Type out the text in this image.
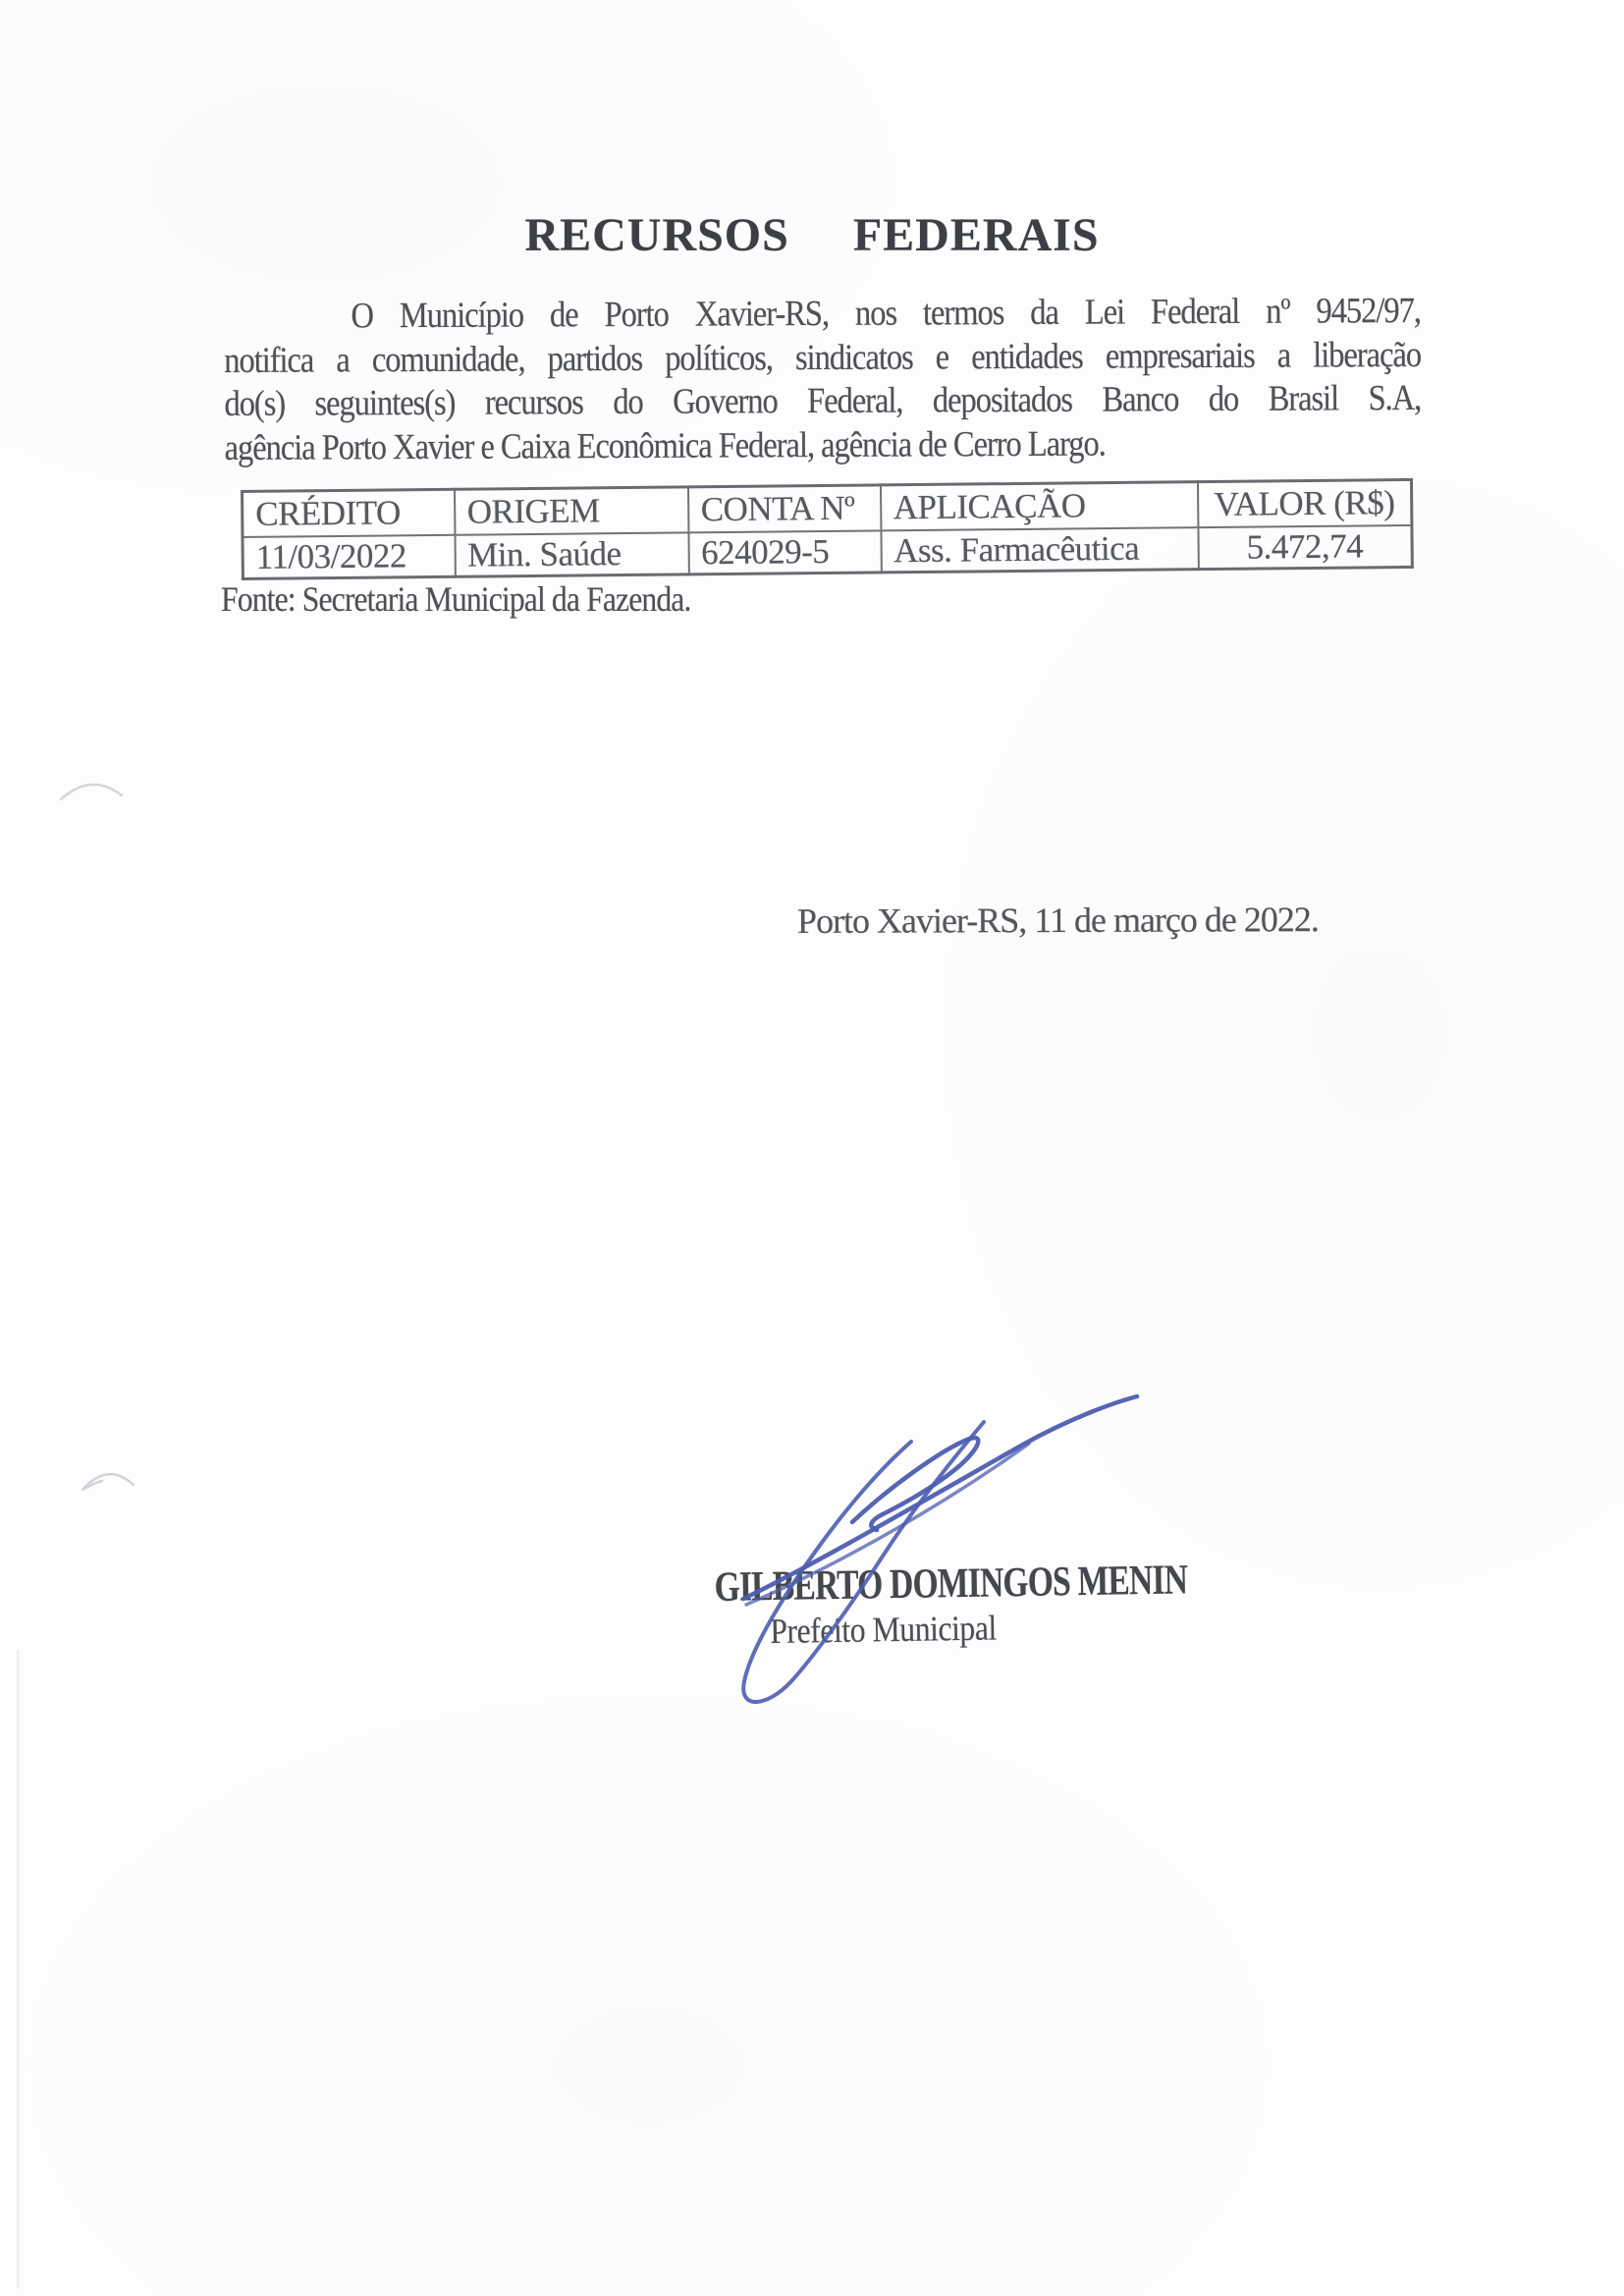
RECURSOS FEDERAIS
O Município de Porto Xavier-RS, nos termos da Lei Federal nº 9452/97,
notifica a comunidade, partidos políticos, sindicatos e entidades empresariais a liberação
do(s) seguintes(s) recursos do Governo Federal, depositados Banco do Brasil S.A,
agência Porto Xavier e Caixa Econômica Federal, agência de Cerro Largo.
CRÉDITO	ORIGEM	CONTA Nº	APLICAÇÃO	VALOR (R$)
11/03/2022	Min. Saúde	624029-5	Ass. Farmacêutica	5.472,74
Fonte: Secretaria Municipal da Fazenda.
Porto Xavier-RS, 11 de março de 2022.
GILBERTO DOMINGOS MENIN
Prefeito Municipal
